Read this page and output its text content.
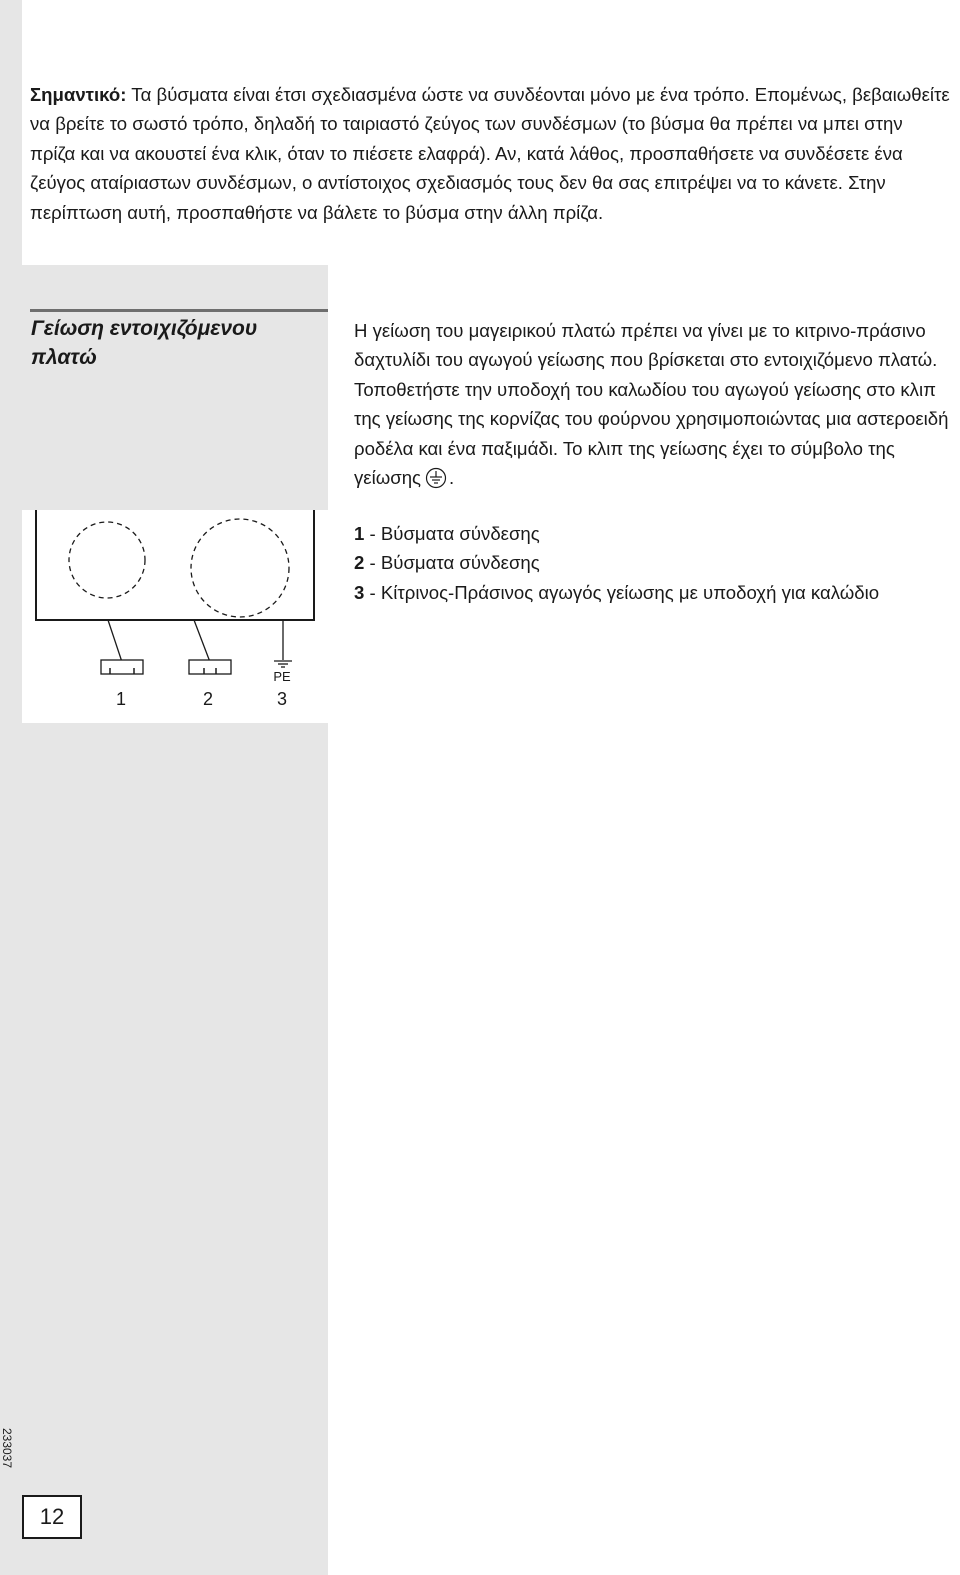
Σημαντικό: Τα βύσματα είναι έτσι σχεδιασμένα ώστε να συνδέονται μόνο με ένα τρόπο. Επομένως, βεβαιωθείτε να βρείτε το σωστό τρόπο, δηλαδή το ταιριαστό ζεύγος των συνδέσμων (το βύσμα θα πρέπει να μπει στην πρίζα και να ακουστεί ένα κλικ, όταν το πιέσετε ελαφρά). Αν, κατά λάθος, προσπαθήσετε να συνδέσετε ένα ζεύγος αταίριαστων συνδέσμων, ο αντίστοιχος σχεδιασμός τους δεν θα σας επιτρέψει να το κάνετε. Στην περίπτωση αυτή, προσπαθήστε να βάλετε το βύσμα στην άλλη πρίζα.

Γείωση εντοιχιζόμενου πλατώ

Η γείωση του μαγειρικού πλατώ πρέπει να γίνει με το κιτρινο-πράσινο δαχτυλίδι του αγωγού γείωσης που βρίσκεται στο εντοιχιζόμενο πλατώ. Τοποθετήστε την υποδοχή του καλωδίου του αγωγού γείωσης στο κλιπ της γείωσης της κορνίζας του φούρνου χρησιμοποιώντας μια αστεροειδή ροδέλα και ένα παξιμάδι. Το κλιπ της γείωσης έχει το σύμβολο της γείωσης .

1 - Βύσματα σύνδεσης
2 - Βύσματα σύνδεσης
3 - Κίτρινος-Πράσινος αγωγός γείωσης με υποδοχή για καλώδιο
PE
1	2	3
233037
12
